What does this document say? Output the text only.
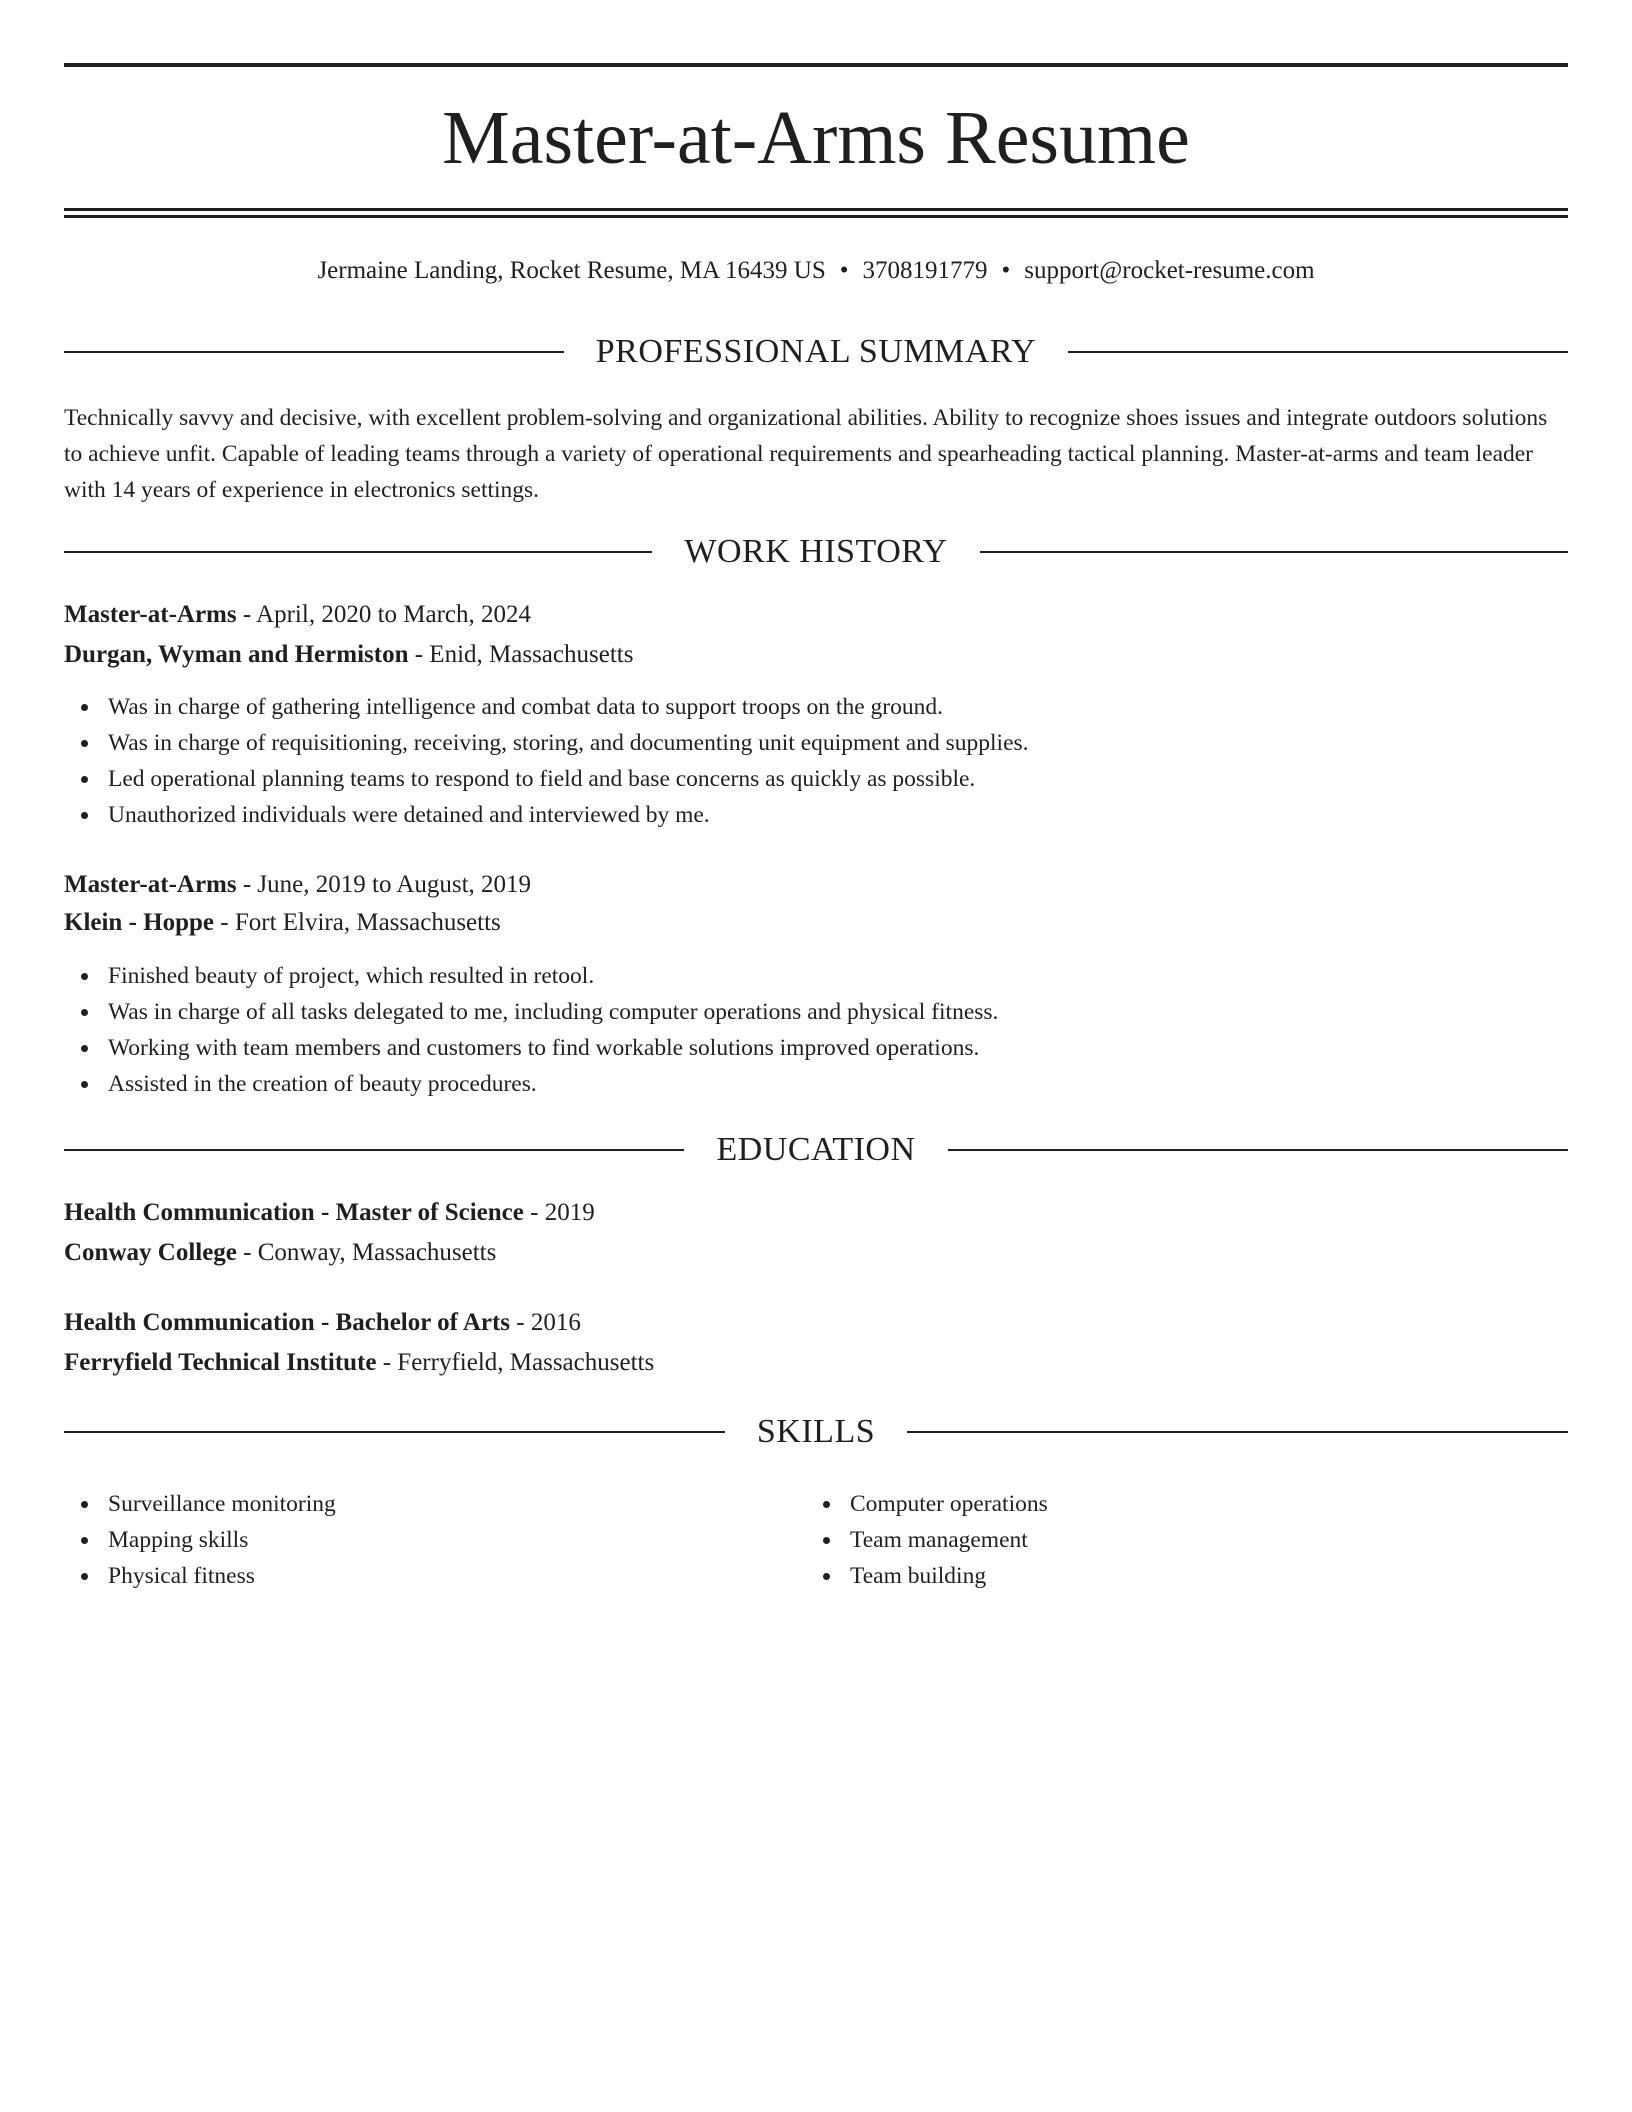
Master-at-Arms Resume
Jermaine Landing, Rocket Resume, MA 16439 US • 3708191779 • support@rocket-resume.com
PROFESSIONAL SUMMARY

Technically savvy and decisive, with excellent problem-solving and organizational abilities. Ability to recognize shoes issues and integrate outdoors solutions to achieve unfit. Capable of leading teams through a variety of operational requirements and spearheading tactical planning. Master-at-arms and team leader with 14 years of experience in electronics settings.

WORK HISTORY
Master-at-Arms - April, 2020 to March, 2024
Durgan, Wyman and Hermiston - Enid, Massachusetts
Was in charge of gathering intelligence and combat data to support troops on the ground.
Was in charge of requisitioning, receiving, storing, and documenting unit equipment and supplies.
Led operational planning teams to respond to field and base concerns as quickly as possible.
Unauthorized individuals were detained and interviewed by me.
Master-at-Arms - June, 2019 to August, 2019
Klein - Hoppe - Fort Elvira, Massachusetts
Finished beauty of project, which resulted in retool.
Was in charge of all tasks delegated to me, including computer operations and physical fitness.
Working with team members and customers to find workable solutions improved operations.
Assisted in the creation of beauty procedures.
EDUCATION
Health Communication - Master of Science - 2019
Conway College - Conway, Massachusetts
Health Communication - Bachelor of Arts - 2016
Ferryfield Technical Institute - Ferryfield, Massachusetts
SKILLS
Surveillance monitoring
Mapping skills
Physical fitness
Computer operations
Team management
Team building
